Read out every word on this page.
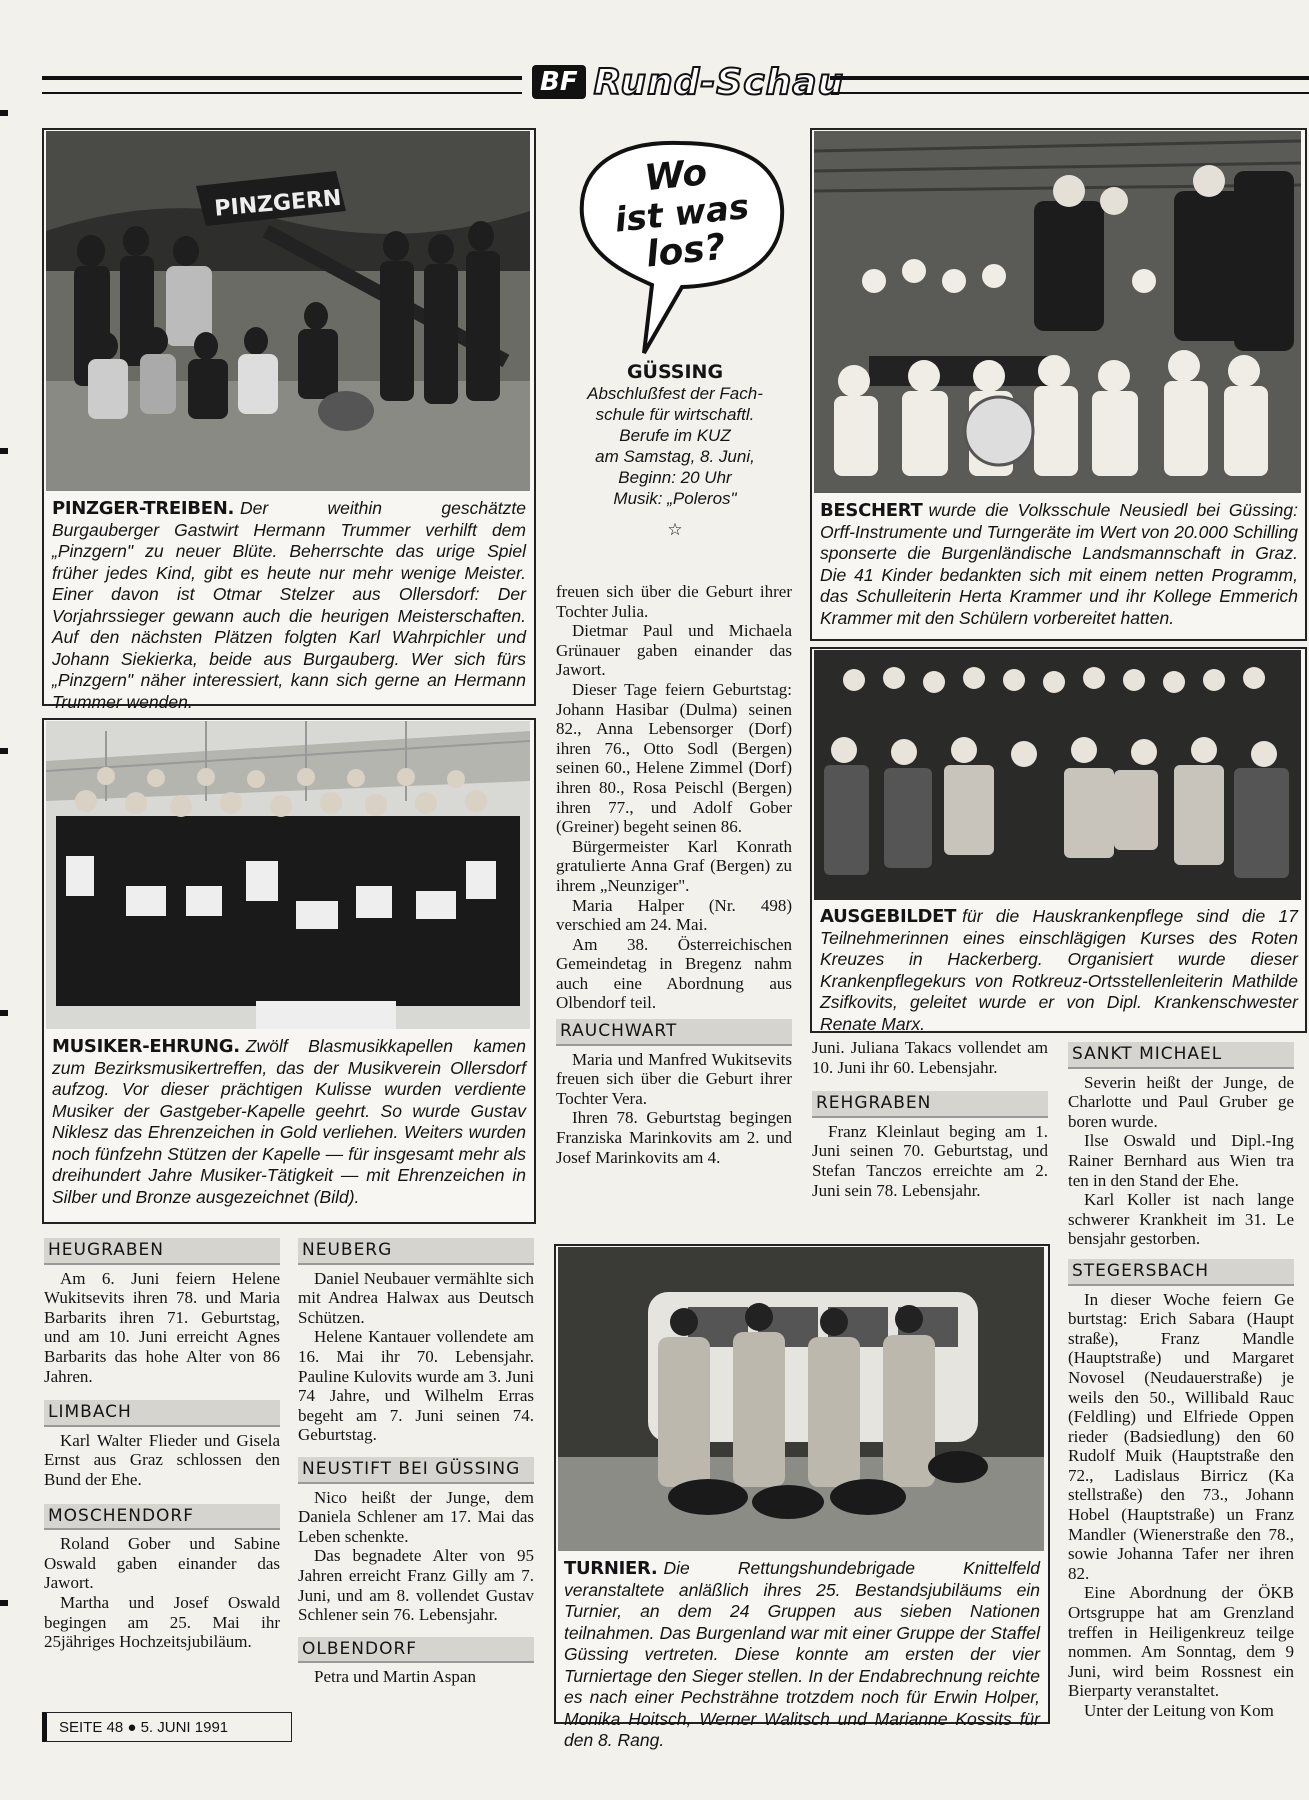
BF Rund-Schau
PINZGERN
PINZGER-TREIBEN. Der weithin geschätzte Burgauberger Gastwirt Hermann Trummer verhilft dem „Pinzgern" zu neuer Blüte. Beherrschte das urige Spiel früher jedes Kind, gibt es heute nur mehr wenige Meister. Einer davon ist Otmar Stelzer aus Ollersdorf: Der Vorjahrssieger gewann auch die heurigen Meisterschaften. Auf den nächsten Plätzen folgten Karl Wahrpichler und Johann Siekierka, beide aus Burgauberg. Wer sich fürs „Pinzgern" näher interessiert, kann sich gerne an Hermann Trummer wenden.
MUSIKER-EHRUNG. Zwölf Blasmusikkapellen kamen zum Bezirksmusikertreffen, das der Musikverein Ollersdorf aufzog. Vor dieser prächtigen Kulisse wurden verdiente Musiker der Gastgeber-Kapelle geehrt. So wurde Gustav Niklesz das Ehrenzeichen in Gold verliehen. Weiters wurden noch fünfzehn Stützen der Kapelle — für insgesamt mehr als dreihundert Jahre Musiker-Tätigkeit — mit Ehrenzeichen in Silber und Bronze ausgezeichnet (Bild).
Wo
ist was
los?
GÜSSING
Abschlußfest der Fach-
schule für wirtschaftl.
Berufe im KUZ
am Samstag, 8. Juni,
Beginn: 20 Uhr
Musik: „Poleros"
☆

freuen sich über die Geburt ihrer Tochter Julia.

Dietmar Paul und Michaela Grünauer gaben einander das Jawort.

Dieser Tage feiern Geburtstag: Johann Hasibar (Dulma) seinen 82., Anna Lebensorger (Dorf) ihren 76., Otto Sodl (Bergen) seinen 60., Helene Zimmel (Dorf) ihren 80., Rosa Peischl (Bergen) ihren 77., und Adolf Gober (Greiner) begeht seinen 86.

Bürgermeister Karl Konrath gratulierte Anna Graf (Bergen) zu ihrem „Neunziger".

Maria Halper (Nr. 498) verschied am 24. Mai.

Am 38. Österreichischen Gemeindetag in Bregenz nahm auch eine Abordnung aus Olbendorf teil.

RAUCHWART

Maria und Manfred Wukitsevits freuen sich über die Geburt ihrer Tochter Vera.

Ihren 78. Geburtstag begingen Franziska Marinkovits am 2. und Josef Marinkovits am 4.

Juni. Juliana Takacs vollendet am 10. Juni ihr 60. Lebensjahr.

REHGRABEN

Franz Kleinlaut beging am 1. Juni seinen 70. Geburtstag, und Stefan Tanczos erreichte am 2. Juni sein 78. Lebensjahr.

BESCHERT wurde die Volksschule Neusiedl bei Güssing: Orff-Instrumente und Turngeräte im Wert von 20.000 Schilling sponserte die Burgenländische Landsmannschaft in Graz. Die 41 Kinder bedankten sich mit einem netten Programm, das Schulleiterin Herta Krammer und ihr Kollege Emmerich Krammer mit den Schülern vorbereitet hatten.
AUSGEBILDET für die Hauskrankenpflege sind die 17 Teilnehmerinnen eines einschlägigen Kurses des Roten Kreuzes in Hackerberg. Organisiert wurde dieser Krankenpflegekurs von Rotkreuz-Ortsstellenleiterin Mathilde Zsifkovits, geleitet wurde er von Dipl. Krankenschwester Renate Marx.
HEUGRABEN

Am 6. Juni feiern Helene Wukitsevits ihren 78. und Maria Barbarits ihren 71. Geburtstag, und am 10. Juni erreicht Agnes Barbarits das hohe Alter von 86 Jahren.

LIMBACH

Karl Walter Flieder und Gisela Ernst aus Graz schlossen den Bund der Ehe.

MOSCHENDORF

Roland Gober und Sabine Oswald gaben einander das Jawort.

Martha und Josef Oswald begingen am 25. Mai ihr 25jähriges Hochzeitsjubiläum.

NEUBERG

Daniel Neubauer vermählte sich mit Andrea Halwax aus Deutsch Schützen.

Helene Kantauer vollendete am 16. Mai ihr 70. Lebensjahr. Pauline Kulovits wurde am 3. Juni 74 Jahre, und Wilhelm Erras begeht am 7. Juni seinen 74. Geburtstag.

NEUSTIFT BEI GÜSSING

Nico heißt der Junge, dem Daniela Schlener am 17. Mai das Leben schenkte.

Das begnadete Alter von 95 Jahren erreicht Franz Gilly am 7. Juni, und am 8. vollendet Gustav Schlener sein 76. Lebensjahr.

OLBENDORF

Petra und Martin Aspan

TURNIER. Die Rettungshundebrigade Knittelfeld veranstaltete anläßlich ihres 25. Bestandsjubiläums ein Turnier, an dem 24 Gruppen aus sieben Nationen teilnahmen. Das Burgenland war mit einer Gruppe der Staffel Güssing vertreten. Diese konnte am ersten der vier Turniertage den Sieger stellen. In der Endabrechnung reichte es nach einer Pechsträhne trotzdem noch für Erwin Holper, Monika Hoitsch, Werner Walitsch und Marianne Kossits für den 8. Rang.
SANKT MICHAEL

Severin heißt der Junge, de Charlotte und Paul Gruber ge boren wurde.

Ilse Oswald und Dipl.-Ing Rainer Bernhard aus Wien tra ten in den Stand der Ehe.

Karl Koller ist nach lange schwerer Krankheit im 31. Le bensjahr gestorben.

STEGERSBACH

In dieser Woche feiern Ge burtstag: Erich Sabara (Haupt straße), Franz Mandle (Hauptstraße) und Margaret Novosel (Neudauerstraße) je weils den 50., Willibald Rauc (Feldling) und Elfriede Oppen rieder (Badsiedlung) den 60 Rudolf Muik (Hauptstraße den 72., Ladislaus Birricz (Ka stellstraße) den 73., Johann Hobel (Hauptstraße) un Franz Mandler (Wienerstraße den 78., sowie Johanna Tafer ner ihren 82.

Eine Abordnung der ÖKB Ortsgruppe hat am Grenzland treffen in Heiligenkreuz teilge nommen. Am Sonntag, dem 9 Juni, wird beim Rossnest ein Bierparty veranstaltet.

Unter der Leitung von Kom

SEITE 48 ● 5. JUNI 1991
